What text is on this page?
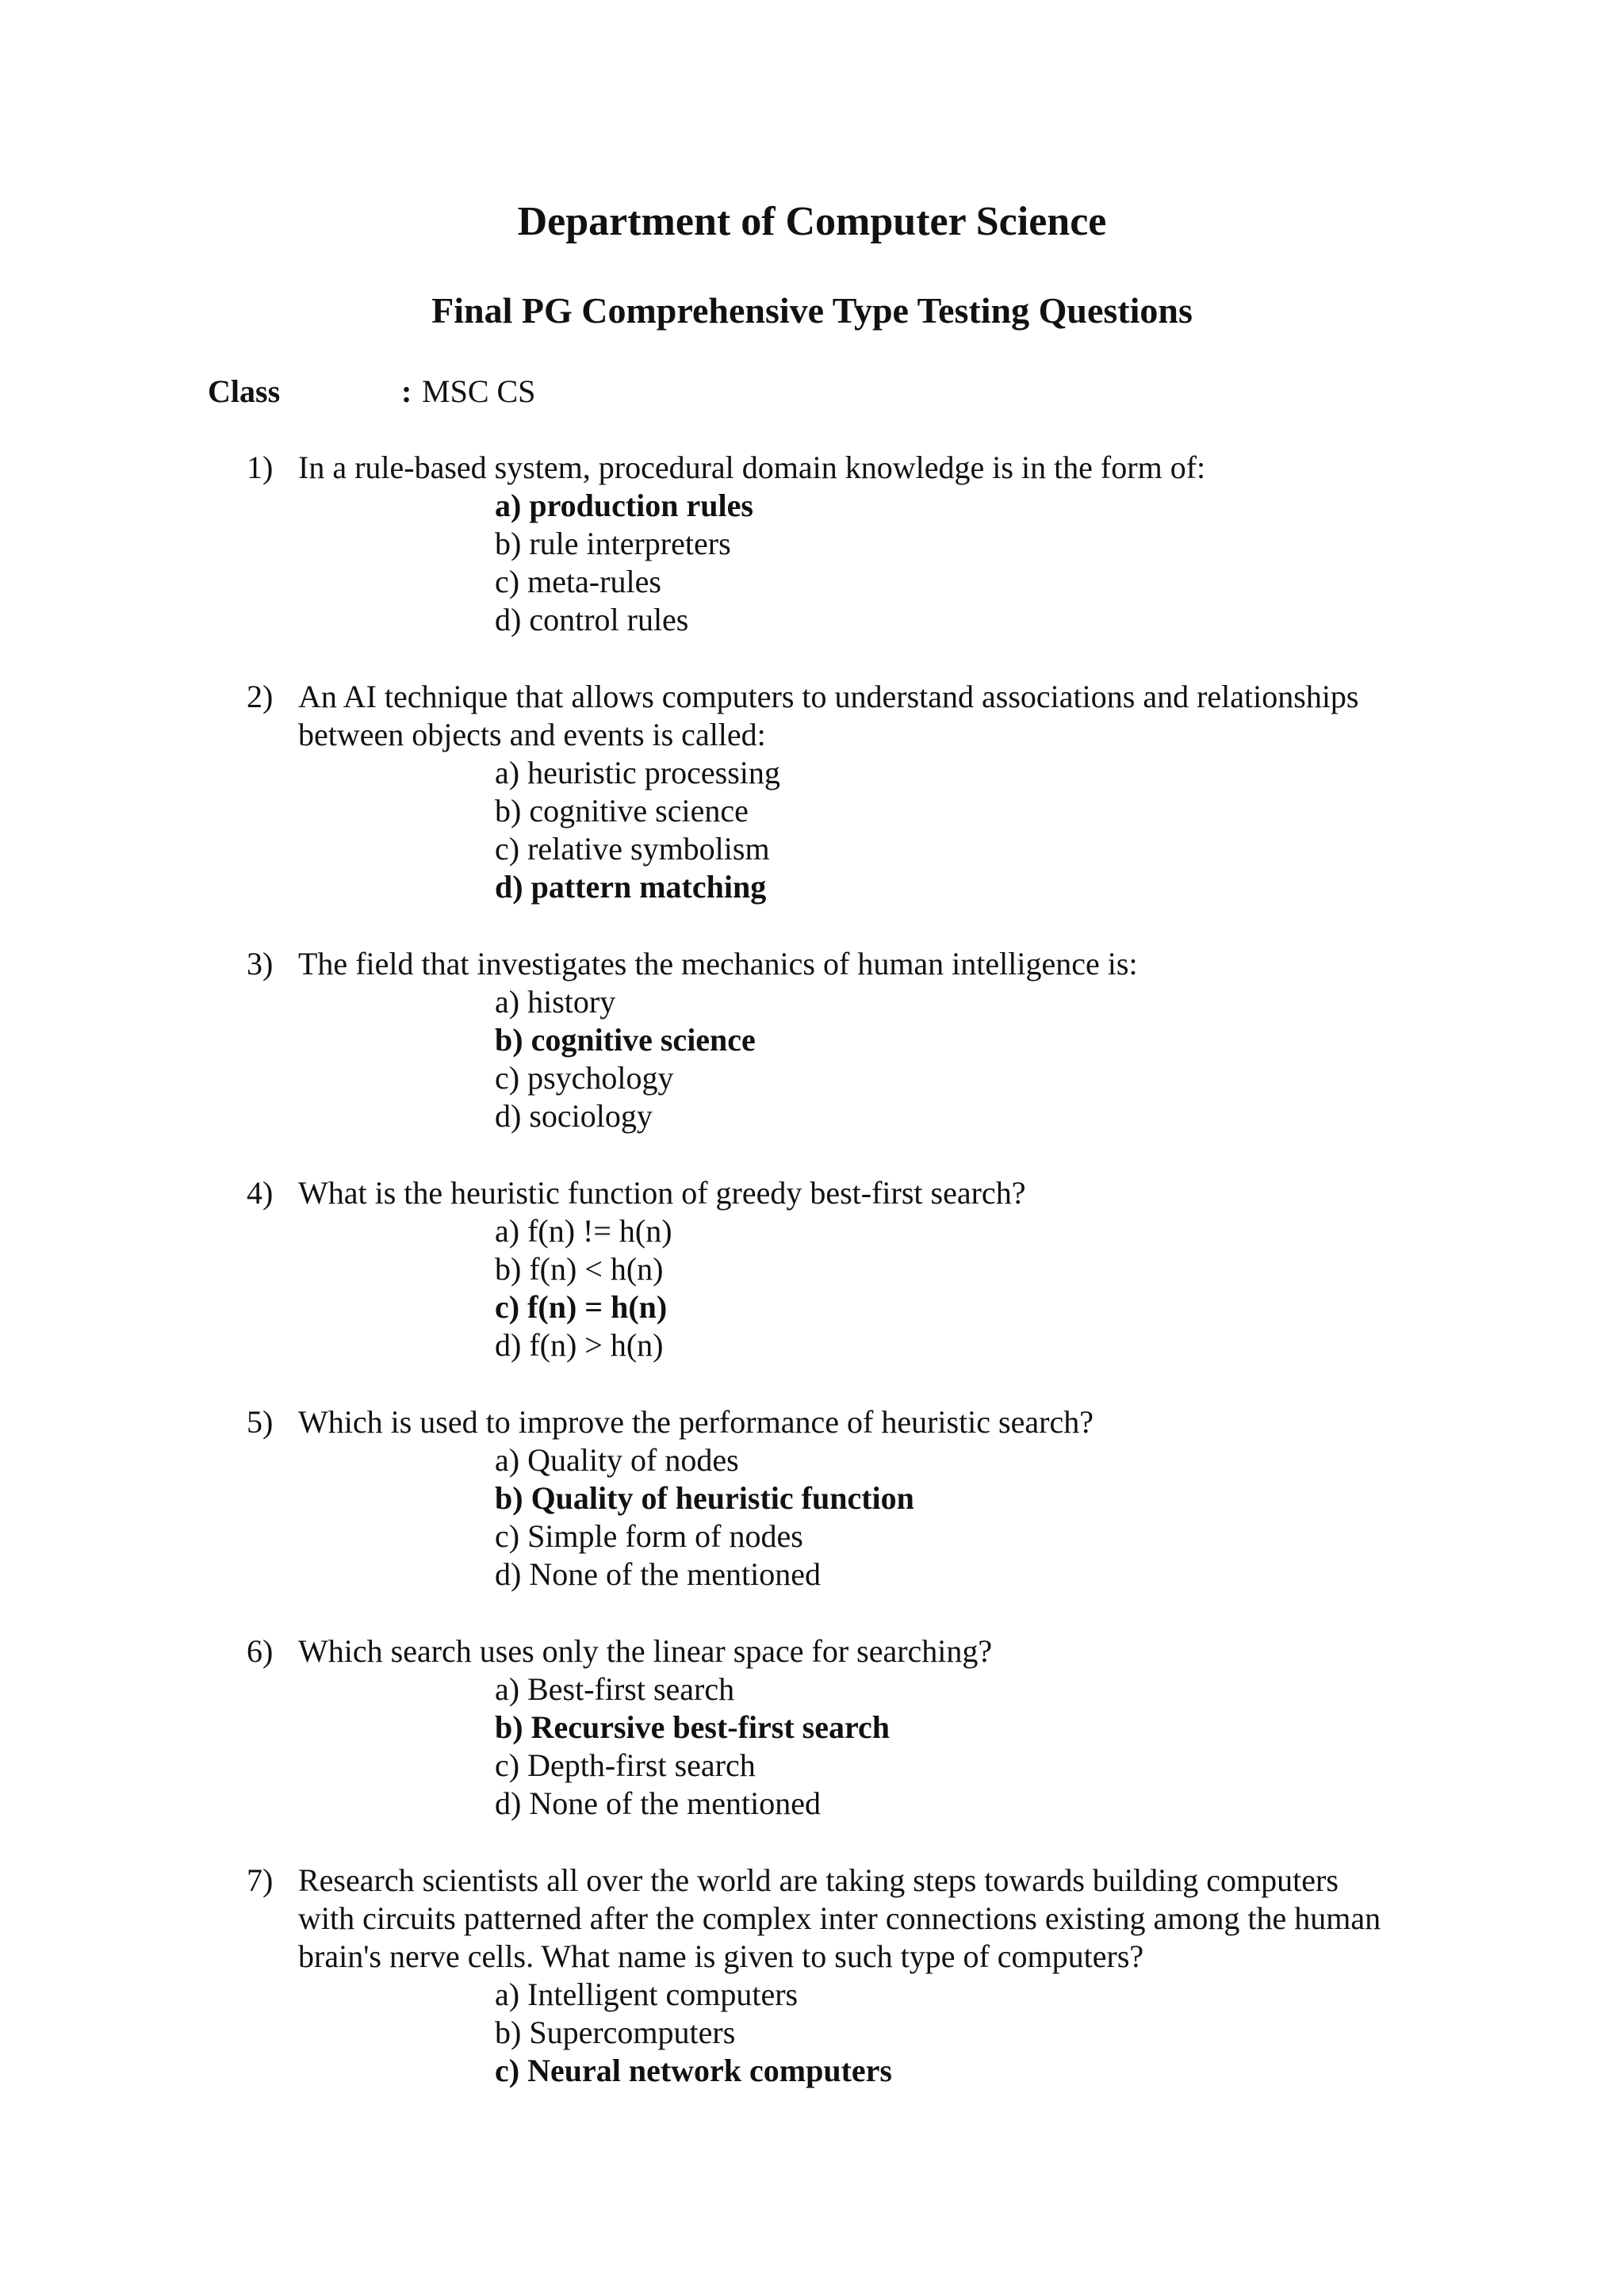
Department of Computer Science
Final PG Comprehensive Type Testing Questions
Class	: MSC CS
1) In a rule-based system, procedural domain knowledge is in the form of:
a) production rules
b) rule interpreters
c) meta-rules
d) control rules
2) An AI technique that allows computers to understand associations and relationships
between objects and events is called:
a) heuristic processing
b) cognitive science
c) relative symbolism
d) pattern matching
3) The field that investigates the mechanics of human intelligence is:
a) history
b) cognitive science
c) psychology
d) sociology
4) What is the heuristic function of greedy best-first search?
a) f(n) != h(n)
b) f(n) < h(n)
c) f(n) = h(n)
d) f(n) > h(n)
5) Which is used to improve the performance of heuristic search?
a) Quality of nodes
b) Quality of heuristic function
c) Simple form of nodes
d) None of the mentioned
6) Which search uses only the linear space for searching?
a) Best-first search
b) Recursive best-first search
c) Depth-first search
d) None of the mentioned
7) Research scientists all over the world are taking steps towards building computers
with circuits patterned after the complex inter connections existing among the human
brain's nerve cells. What name is given to such type of computers?
a) Intelligent computers
b) Supercomputers
c) Neural network computers
